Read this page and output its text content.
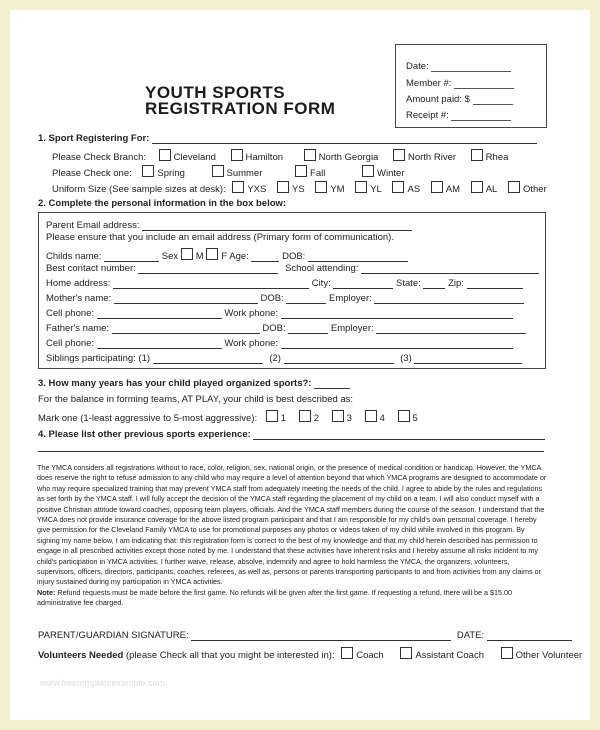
YOUTH SPORTS
REGISTRATION FORM
Date:
Member #:
Amount paid: $
Receipt #:
1. Sport Registering For:
Please Check Branch:	Cleveland	Hamilton	North Georgia	North River	Rhea
Please Check one:	Spring	Summer	Fall	Winter
Uniform Size (See sample sizes at desk): YXS	YS	YM	YL	AS	AM	AL	Other
2. Complete the personal information in the box below:
Parent Email address:
Please ensure that you include an email address (Primary form of communication).
Childs name:	Sex M F Age:	DOB:
Best contact number:	School attending:
Home address:	City:	State:	Zip:
Mother's name:	DOB:	Employer:
Cell phone:	Work phone:
Father's name:	DOB:	Employer:
Cell phone:	Work phone:
Siblings participating: (1)	(2)	(3)
3. How many years has your child played organized sports?:
For the balance in forming teams, AT PLAY, your child is best described as:
Mark one (1-least aggressive to 5-most aggressive): 1	2	3	4	5
4. Please list other previous sports experience:

The YMCA considers all registrations without to race, color, religion, sex, national origin, or the presence of medical condition or handicap. However, the YMCA does reserve the right to refuse admission to any child who may require a level of attention beyond that which YMCA programs are designed to accommodate or who may require specialized training that may prevent YMCA staff from adequately meeting the needs of the child. I agree to abide by the rules and regulations as set forth by the YMCA staff. I will fully accept the decision of the YMCA staff regarding the placement of my child on a team. I will also conduct myself with a positive Christian attitude toward coaches, opposing team players, officials. And the YMCA staff members during the course of the season. I understand that the YMCA does not provide insurance coverage for the above listed program participant and that I am responsible for my child's own personal coverage. I hereby give permission for the Cleveland Family YMCA to use for promotional purposes any photos or videos taken of my child while involved in this program. By signing my name below, I am indicating that: this registration form is correct to the best of my knowledge and that my child herein described has permission to engage in all prescribed activities except those noted by me. I understand that these activities have inherent risks and I hereby assume all risks incident to my child's participation in YMCA activities. I further waive, release, absolve, indemnify and agree to hold harmless the YMCA, the organizers, volunteers, supervisors, officers, directors, participants, coaches, referees, as well as, persons or parents transporting participants to and from activities from any claims or injury sustained during my participation in YMCA activities.

Note: Refund requests must be made before the first game. No refunds will be given after the first game. If requesting a refund, there will be a $15.00 administrative fee charged.

PARENT/GUARDIAN SIGNATURE:	DATE:
Volunteers Needed (please Check all that you might be interested in): Coach	Assistant Coach	Other Volunteer
www.freetemplateexample.com
